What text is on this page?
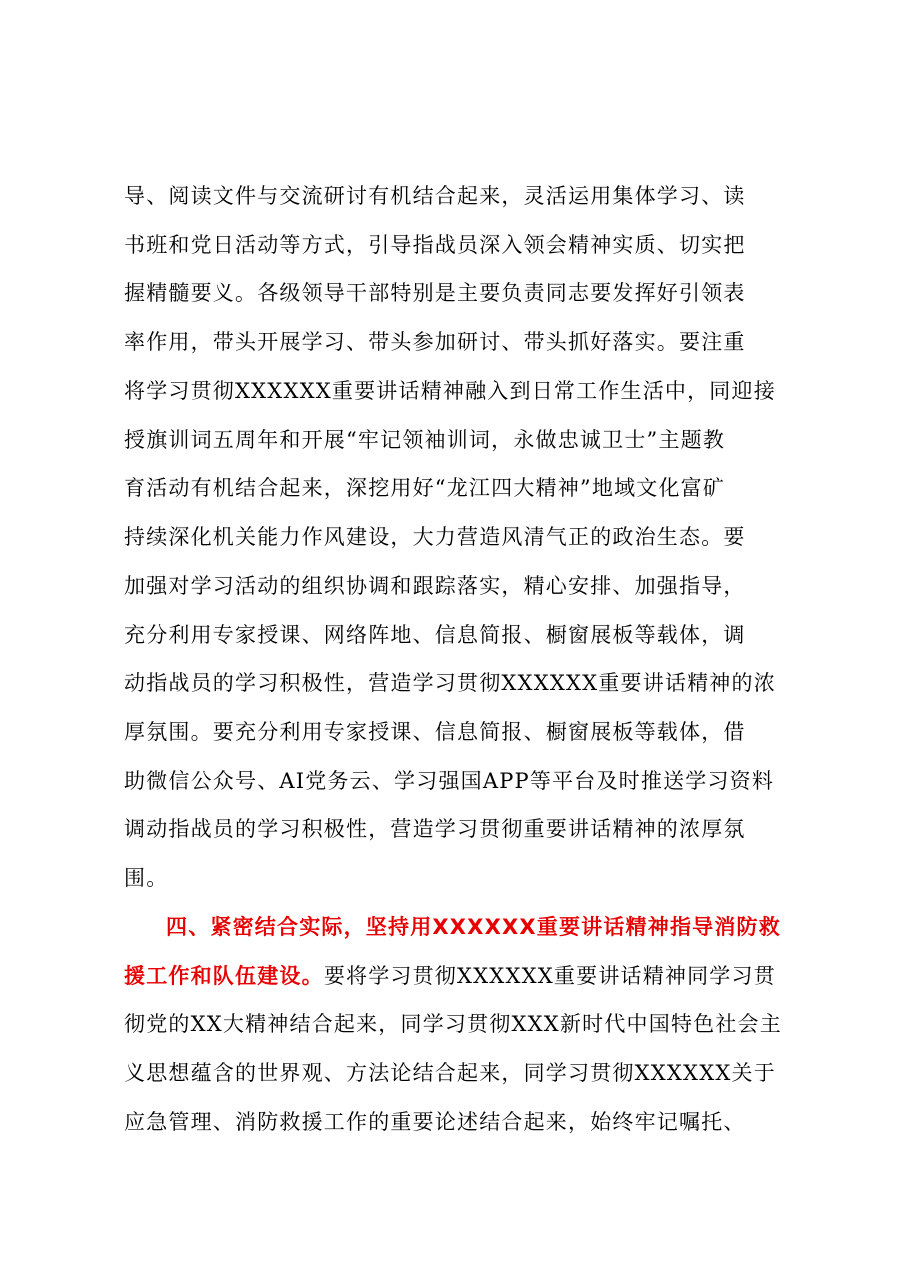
导、阅读文件与交流研讨有机结合起来，灵活运用集体学习、读
书班和党日活动等方式，引导指战员深入领会精神实质、切实把
握精髓要义。各级领导干部特别是主要负责同志要发挥好引领表
率作用，带头开展学习、带头参加研讨、带头抓好落实。要注重
将学习贯彻XXXXXX重要讲话精神融入到日常工作生活中，同迎接
授旗训词五周年和开展“牢记领袖训词，永做忠诚卫士”主题教
育活动有机结合起来，深挖用好“龙江四大精神”地域文化富矿
持续深化机关能力作风建设，大力营造风清气正的政治生态。要
加强对学习活动的组织协调和跟踪落实，精心安排、加强指导，
充分利用专家授课、网络阵地、信息简报、橱窗展板等载体，调
动指战员的学习积极性，营造学习贯彻XXXXXX重要讲话精神的浓
厚氛围。要充分利用专家授课、信息简报、橱窗展板等载体，借
助微信公众号、AI党务云、学习强国APP等平台及时推送学习资料
调动指战员的学习积极性，营造学习贯彻重要讲话精神的浓厚氛
围。
四、紧密结合实际，坚持用XXXXXX重要讲话精神指导消防救
援工作和队伍建设。要将学习贯彻XXXXXX重要讲话精神同学习贯
彻党的XX大精神结合起来，同学习贯彻XXX新时代中国特色社会主
义思想蕴含的世界观、方法论结合起来，同学习贯彻XXXXXX关于
应急管理、消防救援工作的重要论述结合起来，始终牢记嘱托、
